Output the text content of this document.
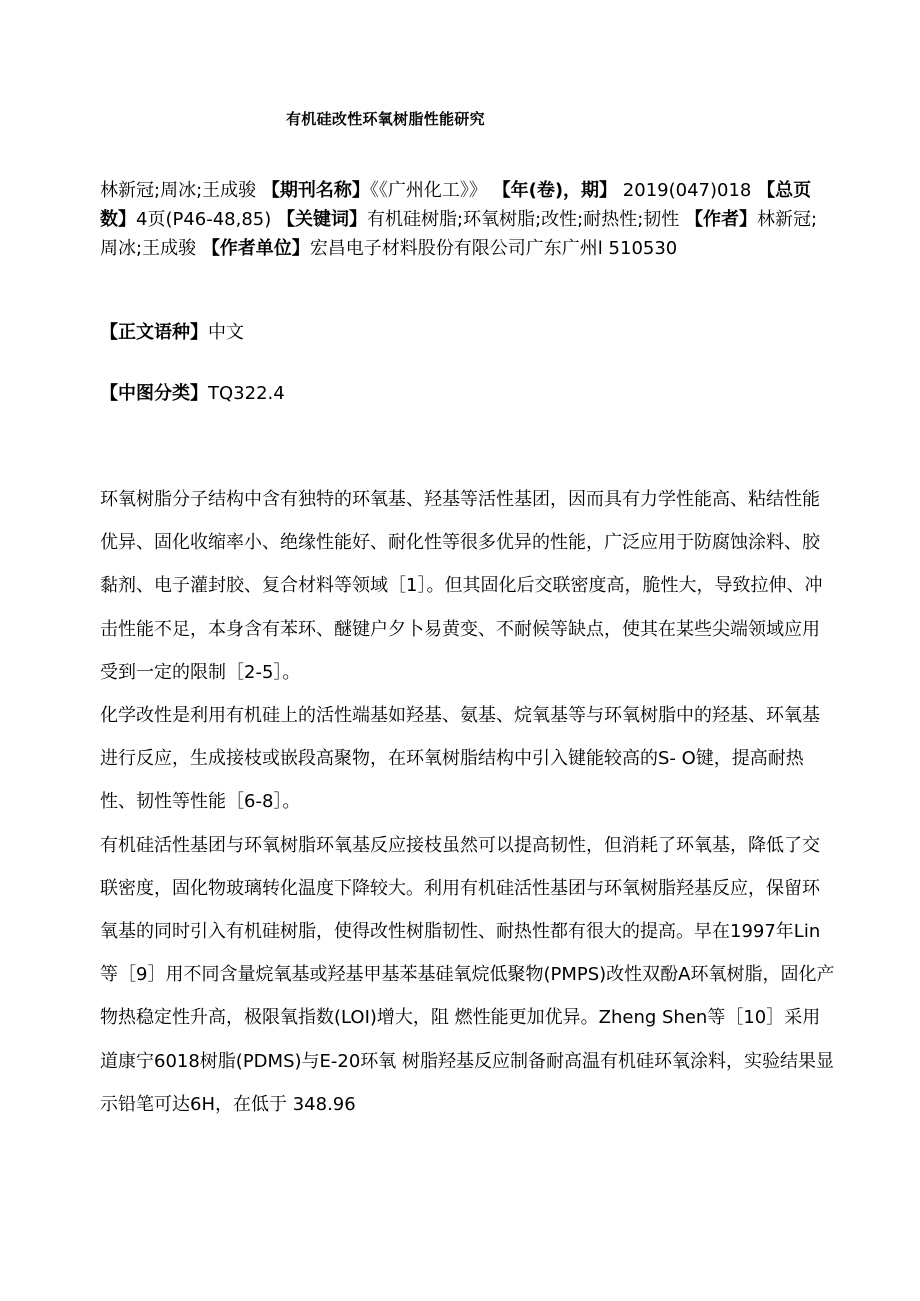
有机硅改性环氧树脂性能研究
林新冠;周冰;王成骏 【期刊名称】《《广州化工》》 【年(卷)，期】 2019(047)018 【总页数】4页(P46-48,85) 【关键词】有机硅树脂;环氧树脂;改性;耐热性;韧性 【作者】林新冠;周冰;王成骏 【作者单位】宏昌电子材料股份有限公司广东广州l 510530
【正文语种】中文
【中图分类】TQ322.4

环氧树脂分子结构中含有独特的环氧基、羟基等活性基团，因而具有力学性能高、粘结性能优异、固化收缩率小、绝缘性能好、耐化性等很多优异的性能，广泛应用于防腐蚀涂料、胶黏剂、电子灌封胶、复合材料等领域［1］。但其固化后交联密度高，脆性大，导致拉伸、冲击性能不足，本身含有苯环、醚键户夕卜易黄变、不耐候等缺点，使其在某些尖端领域应用受到一定的限制［2-5］。

化学改性是利用有机硅上的活性端基如羟基、氨基、烷氧基等与环氧树脂中的羟基、环氧基进行反应，生成接枝或嵌段高聚物，在环氧树脂结构中引入键能较高的S- O键，提高耐热性、韧性等性能［6-8］。

有机硅活性基团与环氧树脂环氧基反应接枝虽然可以提高韧性，但消耗了环氧基，降低了交联密度，固化物玻璃转化温度下降较大。利用有机硅活性基团与环氧树脂羟基反应，保留环氧基的同时引入有机硅树脂，使得改性树脂韧性、耐热性都有很大的提高。早在1997年Lin等［9］用不同含量烷氧基或羟基甲基苯基硅氧烷低聚物(PMPS)改性双酚A环氧树脂，固化产物热稳定性升高，极限氧指数(LOI)增大，阻 燃性能更加优异。Zheng Shen等［10］采用道康宁6018树脂(PDMS)与E-20环氧 树脂羟基反应制备耐高温有机硅环氧涂料，实验结果显示铅笔可达6H，在低于 348.96
